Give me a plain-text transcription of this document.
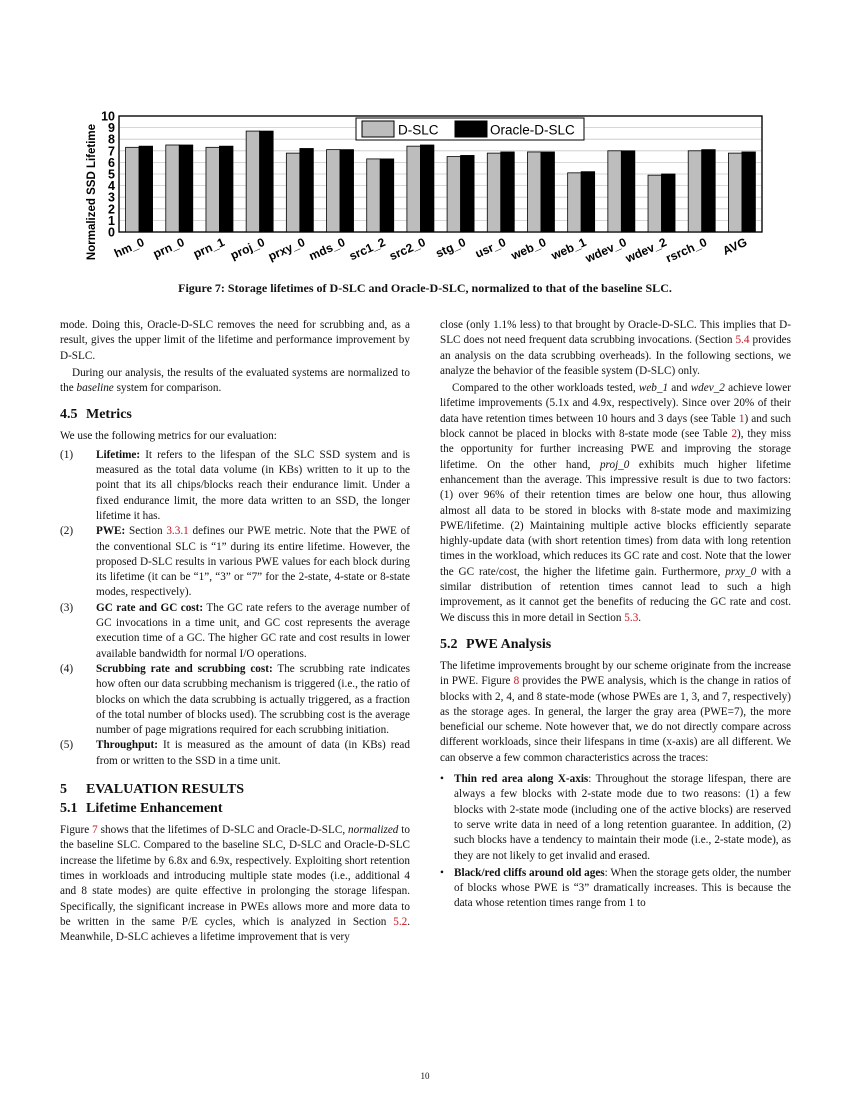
0
1
2
3
4
5
6
7
8
9
10
hm_0 prn_0 prn_1 proj_0 prxy_0 mds_0 src1_2 src2_0 stg_0 usr_0 web_0 web_1
wdev_0
wdev_2
rsrch_0 AVG
Normalized SSD Lifetime	D-SLC	Oracle-D-SLC
Figure 7: Storage lifetimes of D-SLC and Oracle-D-SLC, normalized to that of the baseline SLC.

mode. Doing this, Oracle-D-SLC removes the need for scrubbing and, as a result, gives the upper limit of the lifetime and performance improvement by D-SLC.

During our analysis, the results of the evaluated systems are normalized to the baseline system for comparison.

4.5 Metrics

We use the following metrics for our evaluation:

(1) Lifetime: It refers to the lifespan of the SLC SSD system and is measured as the total data volume (in KBs) written to it up to the point that its all chips/blocks reach their endurance limit. Under a fixed endurance limit, the more data written to an SSD, the longer lifetime it has.
(2) PWE: Section 3.3.1 defines our PWE metric. Note that the PWE of the conventional SLC is “1” during its entire lifetime. However, the proposed D-SLC results in various PWE values for each block during its lifetime (it can be “1”, “3” or “7” for the 2-state, 4-state or 8-state modes, respectively).
(3) GC rate and GC cost: The GC rate refers to the average number of GC invocations in a time unit, and GC cost represents the average execution time of a GC. The higher GC rate and cost results in lower available bandwidth for normal I/O operations.
(4) Scrubbing rate and scrubbing cost: The scrubbing rate indicates how often our data scrubbing mechanism is triggered (i.e., the ratio of blocks on which the data scrubbing is actually triggered, as a fraction of the total number of blocks used). The scrubbing cost is the average number of page migrations required for each scrubbing initiation.
(5) Throughput: It is measured as the amount of data (in KBs) read from or written to the SSD in a time unit.
5 EVALUATION RESULTS
5.1 Lifetime Enhancement

Figure 7 shows that the lifetimes of D-SLC and Oracle-D-SLC, normalized to the baseline SLC. Compared to the baseline SLC, D-SLC and Oracle-D-SLC increase the lifetime by 6.8x and 6.9x, respectively. Exploiting short retention times in workloads and introducing multiple state modes (i.e., additional 4 and 8 state modes) are quite effective in prolonging the storage lifespan. Specifically, the significant increase in PWEs allows more and more data to be written in the same P/E cycles, which is analyzed in Section 5.2. Meanwhile, D-SLC achieves a lifetime improvement that is very

close (only 1.1% less) to that brought by Oracle-D-SLC. This implies that D-SLC does not need frequent data scrubbing invocations. (Section 5.4 provides an analysis on the data scrubbing overheads). In the following sections, we analyze the behavior of the feasible system (D-SLC) only.

Compared to the other workloads tested, web_1 and wdev_2 achieve lower lifetime improvements (5.1x and 4.9x, respectively). Since over 20% of their data have retention times between 10 hours and 3 days (see Table 1) and such block cannot be placed in blocks with 8-state mode (see Table 2), they miss the opportunity for further increasing PWE and improving the storage lifetime. On the other hand, proj_0 exhibits much higher lifetime enhancement than the average. This impressive result is due to two factors: (1) over 96% of their retention times are below one hour, thus allowing almost all data to be stored in blocks with 8-state mode and maximizing PWE/lifetime. (2) Maintaining multiple active blocks efficiently separate highly-update data (with short retention times) from data with long retention times in the workload, which reduces its GC rate and cost. Note that the lower the GC rate/cost, the higher the lifetime gain. Furthermore, prxy_0 with a similar distribution of retention times cannot lead to such a high improvement, as it cannot get the benefits of reducing the GC rate and cost. We discuss this in more detail in Section 5.3.

5.2 PWE Analysis

The lifetime improvements brought by our scheme originate from the increase in PWE. Figure 8 provides the PWE analysis, which is the change in ratios of blocks with 2, 4, and 8 state-mode (whose PWEs are 1, 3, and 7, respectively) as the storage ages. In general, the larger the gray area (PWE=7), the more beneficial our scheme. Note however that, we do not directly compare across different workloads, since their lifespans in time (x-axis) are all different. We can observe a few common characteristics across the traces:

• Thin red area along X-axis: Throughout the storage lifespan, there are always a few blocks with 2-state mode due to two reasons: (1) a few blocks with 2-state mode (including one of the active blocks) are reserved to serve write data in need of a long retention guarantee. In addition, (2) such blocks have a tendency to maintain their mode (i.e., 2-state mode), as they are not likely to get invalid and erased.
• Black/red cliffs around old ages: When the storage gets older, the number of blocks whose PWE is “3” dramatically increases. This is because the data whose retention times range from 1 to
10
